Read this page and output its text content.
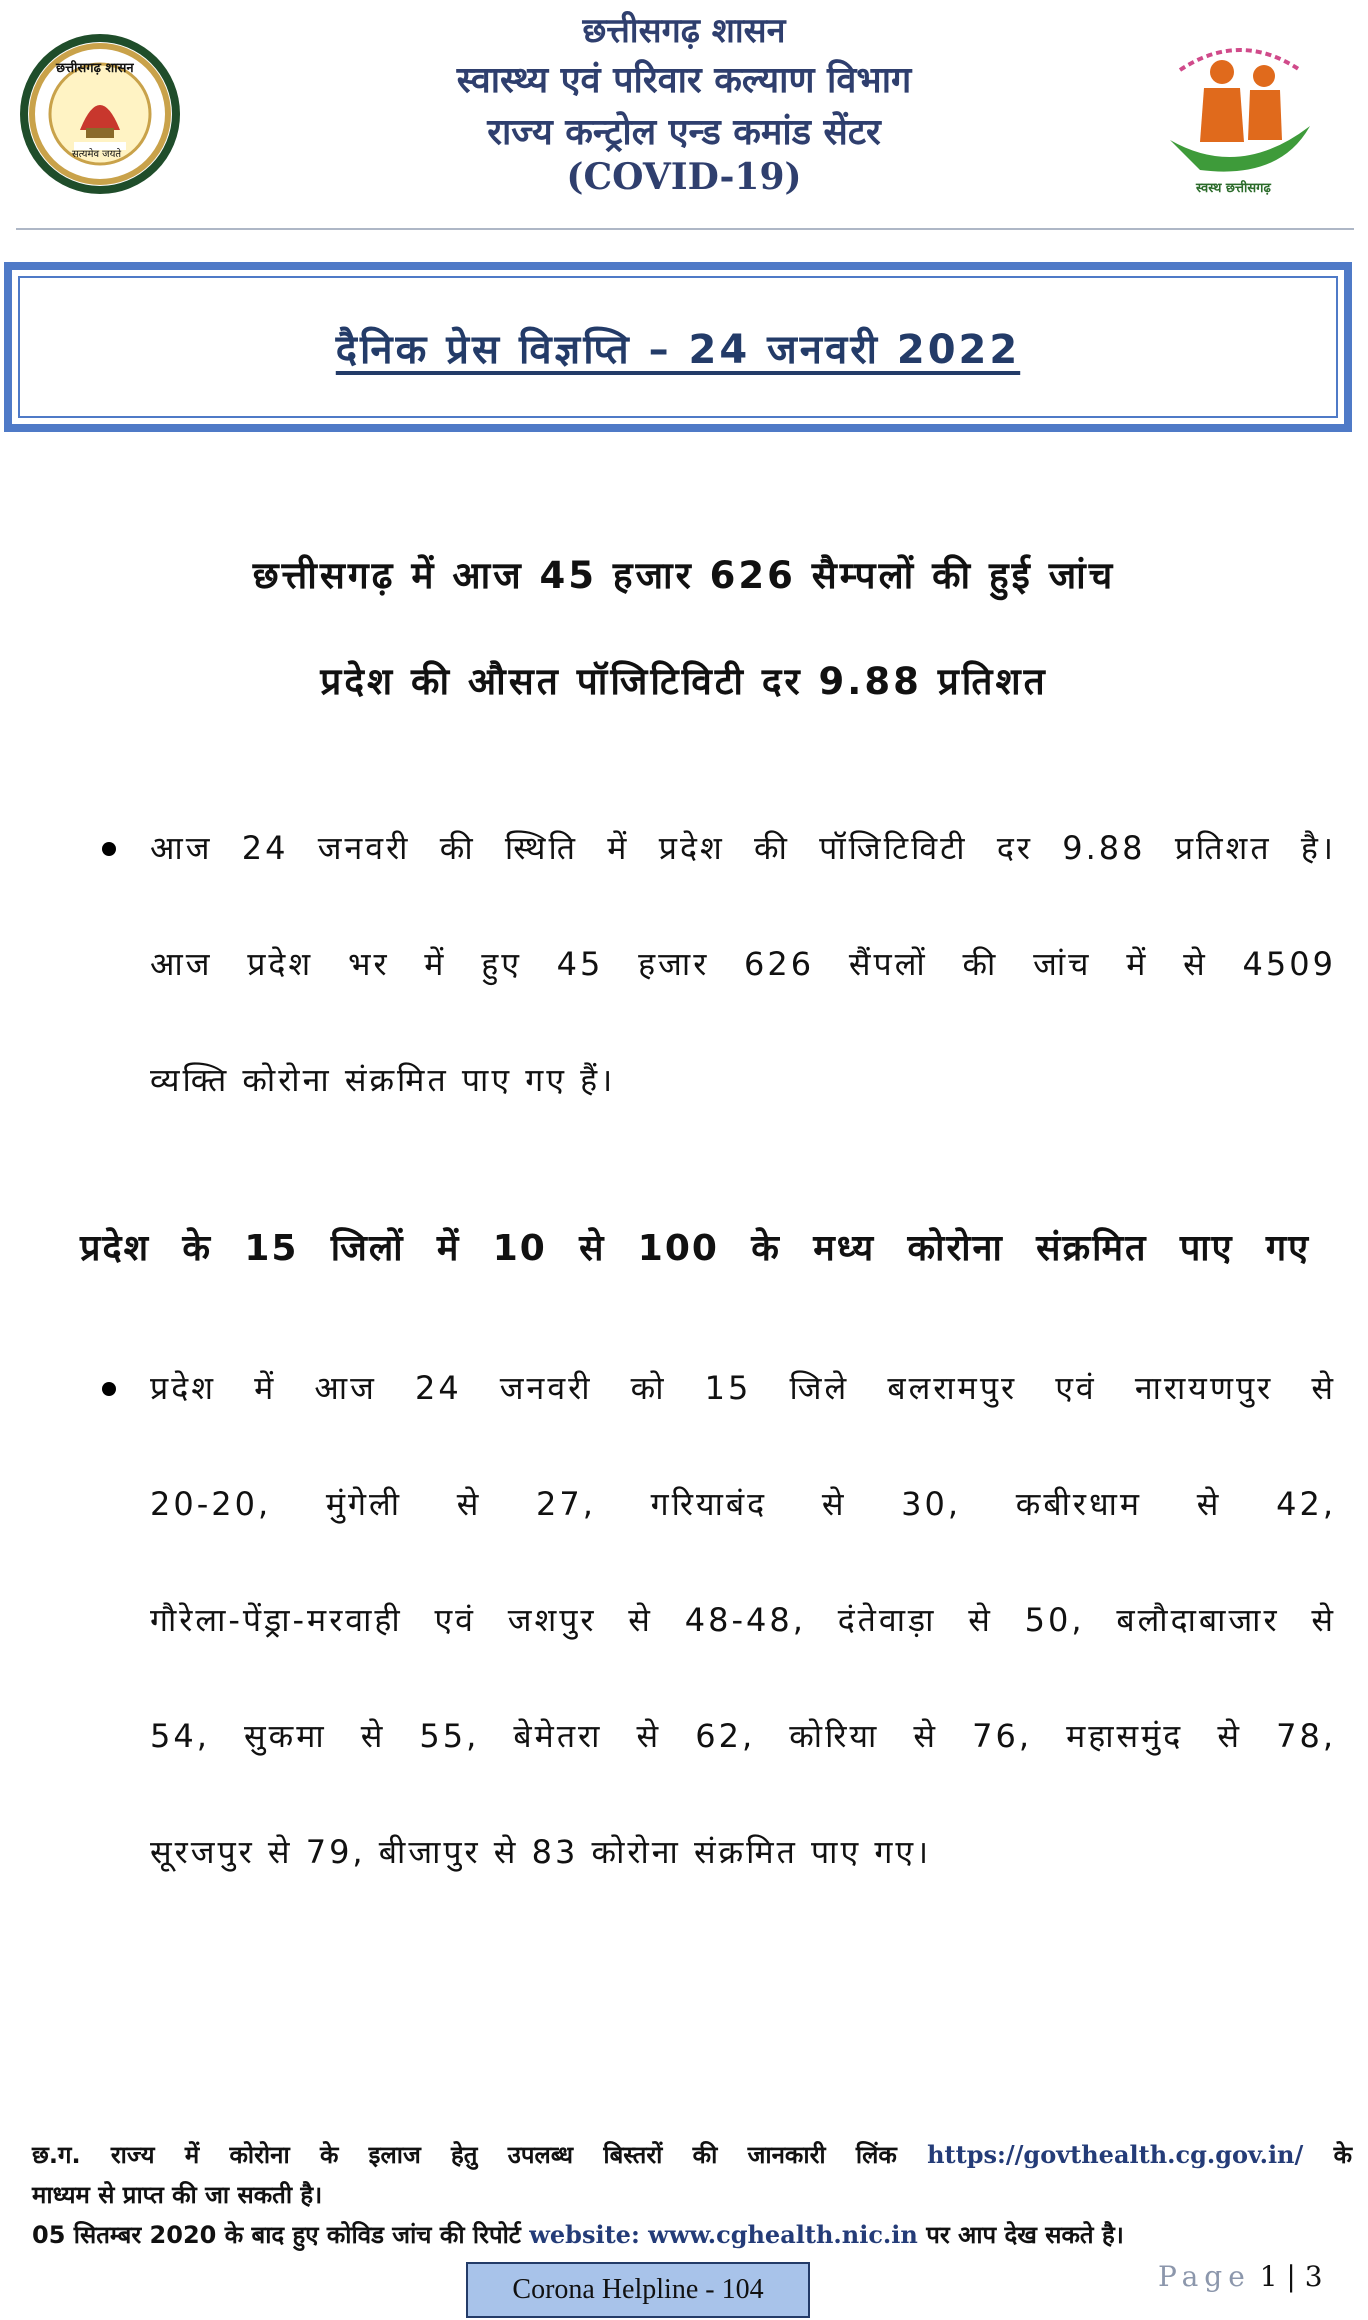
छत्तीसगढ़ शासन
सत्यमेव जयते
छत्तीसगढ़ शासन
स्वास्थ्य एवं परिवार कल्याण विभाग
राज्य कन्ट्रोल एन्ड कमांड सेंटर
(COVID-19)	स्वस्थ छत्तीसगढ़
दैनिक प्रेस विज्ञप्ति – 24 जनवरी 2022
छत्तीसगढ़ में आज 45 हजार 626 सैम्पलों की हुई जांच
प्रदेश की औसत पॉजिटिविटी दर 9.88 प्रतिशत
आज 24 जनवरी की स्थिति में प्रदेश की पॉजिटिविटी दर 9.88 प्रतिशत है।
आज प्रदेश भर में हुए 45 हजार 626 सैंपलों की जांच में से 4509
व्यक्ति कोरोना संक्रमित पाए गए हैं।
प्रदेश के 15 जिलों में 10 से 100 के मध्य कोरोना संक्रमित पाए गए
प्रदेश में आज 24 जनवरी को 15 जिले बलरामपुर एवं नारायणपुर से
20-20, मुंगेली से 27, गरियाबंद से 30, कबीरधाम से 42,
गौरेला-पेंड्रा-मरवाही एवं जशपुर से 48-48, दंतेवाड़ा से 50, बलौदाबाजार से
54, सुकमा से 55, बेमेतरा से 62, कोरिया से 76, महासमुंद से 78,
सूरजपुर से 79, बीजापुर से 83 कोरोना संक्रमित पाए गए।
छ.ग. राज्य में कोरोना के इलाज हेतु उपलब्ध बिस्तरों की जानकारी लिंक https://govthealth.cg.gov.in/ के
माध्यम से प्राप्त की जा सकती है।
05 सितम्बर 2020 के बाद हुए कोविड जांच की रिपोर्ट website: www.cghealth.nic.in पर आप देख सकते है।
Corona Helpline - 104	Page 1 | 3
